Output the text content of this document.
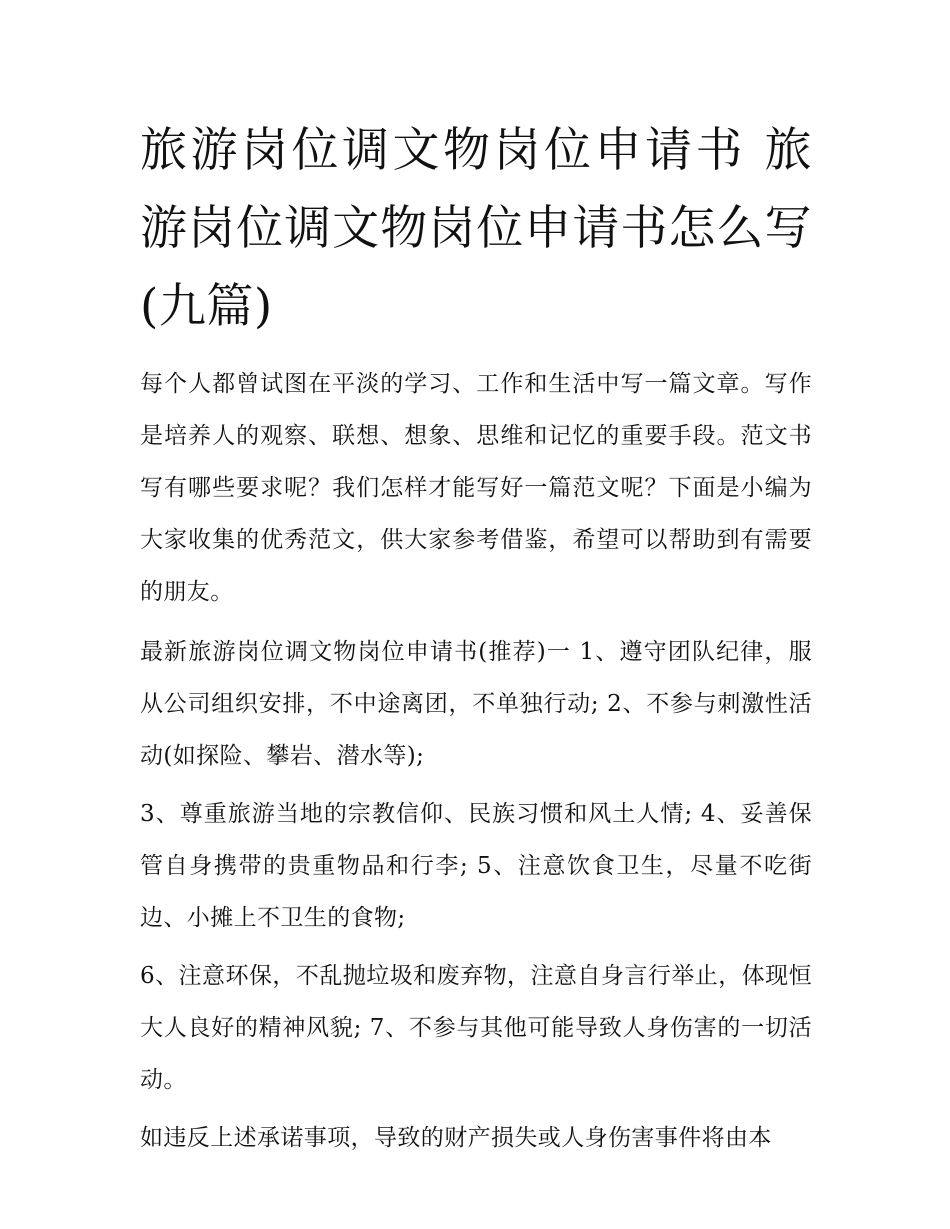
旅游岗位调文物岗位申请书 旅游岗位调文物岗位申请书怎么写(九篇)

每个人都曾试图在平淡的学习、工作和生活中写一篇文章。写作是培养人的观察、联想、想象、思维和记忆的重要手段。范文书写有哪些要求呢？我们怎样才能写好一篇范文呢？下面是小编为大家收集的优秀范文，供大家参考借鉴，希望可以帮助到有需要的朋友。

最新旅游岗位调文物岗位申请书(推荐)一 1、遵守团队纪律，服从公司组织安排，不中途离团，不单独行动; 2、不参与刺激性活动(如探险、攀岩、潜水等);

3、尊重旅游当地的宗教信仰、民族习惯和风土人情; 4、妥善保管自身携带的贵重物品和行李; 5、注意饮食卫生，尽量不吃街边、小摊上不卫生的食物;

6、注意环保，不乱抛垃圾和废弃物，注意自身言行举止，体现恒大人良好的精神风貌; 7、不参与其他可能导致人身伤害的一切活动。

如违反上述承诺事项，导致的财产损失或人身伤害事件将由本
